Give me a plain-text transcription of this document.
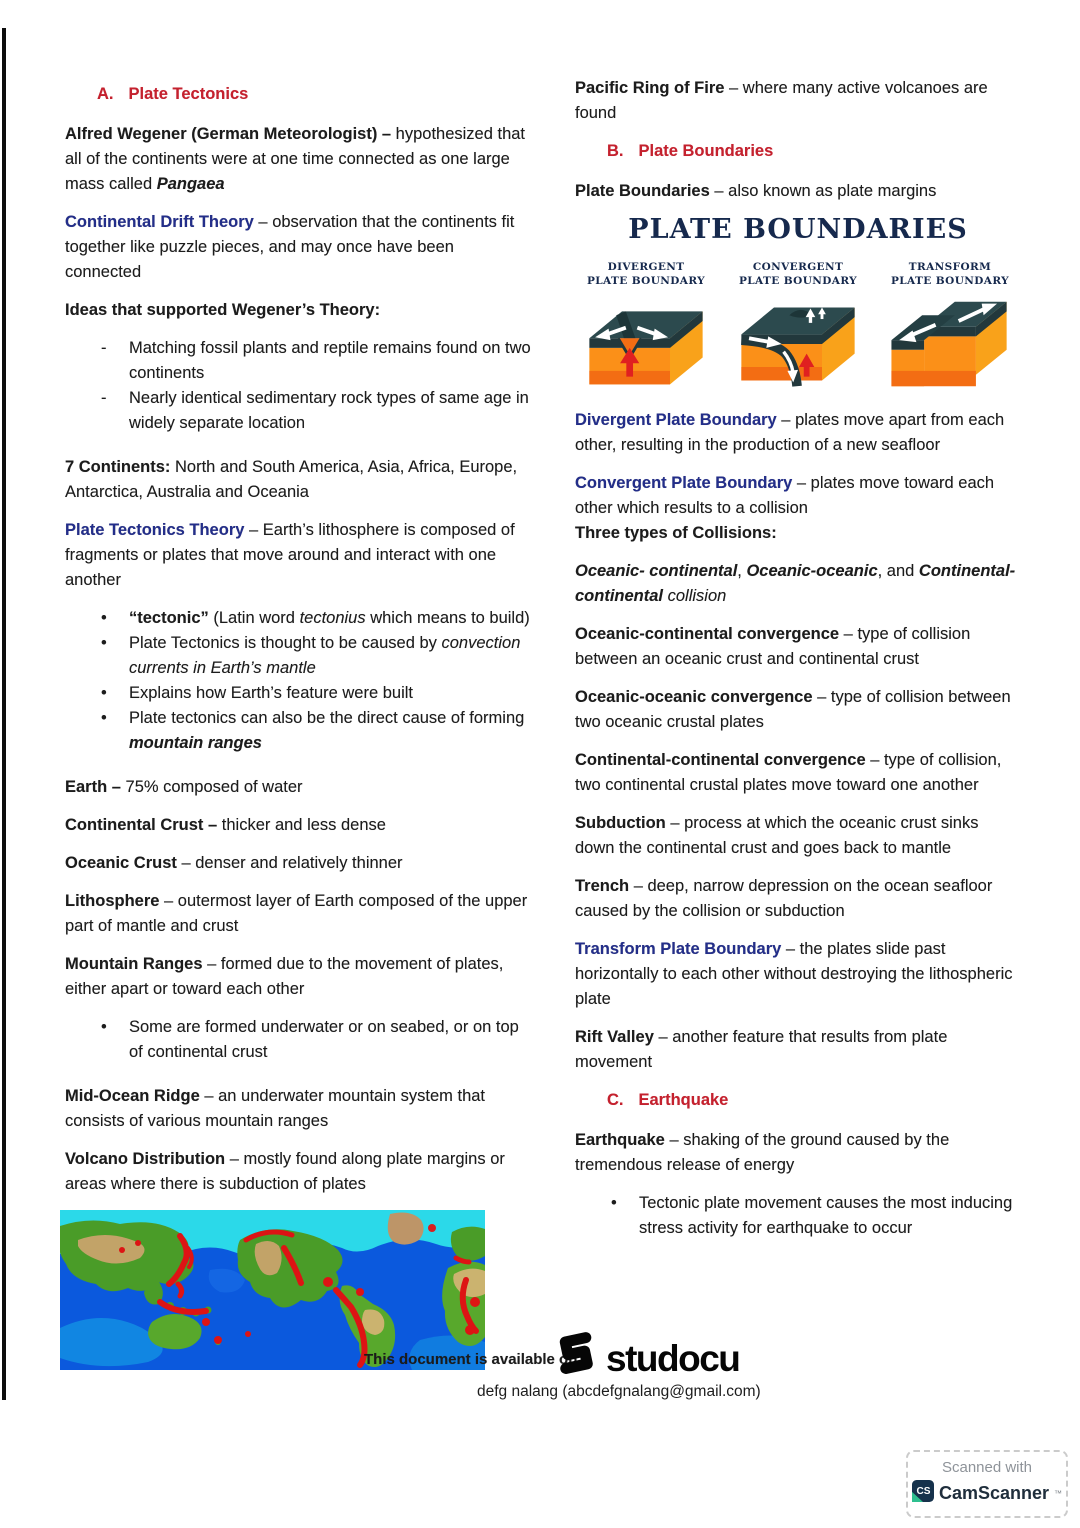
A. Plate Tectonics

Alfred Wegener (German Meteorologist) – hypothesized that all of the continents were at one time connected as one large mass called Pangaea

Continental Drift Theory – observation that the continents fit together like puzzle pieces, and may once have been connected

Ideas that supported Wegener’s Theory:

- Matching fossil plants and reptile remains found on two continents
- Nearly identical sedimentary rock types of same age in widely separate location

7 Continents: North and South America, Asia, Africa, Europe, Antarctica, Australia and Oceania

Plate Tectonics Theory – Earth’s lithosphere is composed of fragments or plates that move around and interact with one another

• “tectonic” (Latin word tectonius which means to build)
• Plate Tectonics is thought to be caused by convection currents in Earth’s mantle
• Explains how Earth’s feature were built
• Plate tectonics can also be the direct cause of forming mountain ranges

Earth – 75% composed of water

Continental Crust – thicker and less dense

Oceanic Crust – denser and relatively thinner

Lithosphere – outermost layer of Earth composed of the upper part of mantle and crust

Mountain Ranges – formed due to the movement of plates, either apart or toward each other

• Some are formed underwater or on seabed, or on top of continental crust

Mid-Ocean Ridge – an underwater mountain system that consists of various mountain ranges

Volcano Distribution – mostly found along plate margins or areas where there is subduction of plates

Pacific Ring of Fire – where many active volcanoes are found

B. Plate Boundaries

Plate Boundaries – also known as plate margins

PLATE BOUNDARIES
DIVERGENT
PLATE BOUNDARY
CONVERGENT
PLATE BOUNDARY
TRANSFORM
PLATE BOUNDARY

Divergent Plate Boundary – plates move apart from each other, resulting in the production of a new seafloor

Convergent Plate Boundary – plates move toward each other which results to a collision
Three types of Collisions:

Oceanic- continental, Oceanic-oceanic, and Continental-continental collision

Oceanic-continental convergence – type of collision between an oceanic crust and continental crust

Oceanic-oceanic convergence – type of collision between two oceanic crustal plates

Continental-continental convergence – type of collision, two continental crustal plates move toward one another

Subduction – process at which the oceanic crust sinks down the continental crust and goes back to mantle

Trench – deep, narrow depression on the ocean seafloor caused by the collision or subduction

Transform Plate Boundary – the plates slide past horizontally to each other without destroying the lithospheric plate

Rift Valley – another feature that results from plate movement

C. Earthquake

Earthquake – shaking of the ground caused by the tremendous release of energy

• Tectonic plate movement causes the most inducing stress activity for earthquake to occur
This document is available on studocu
defg nalang (abcdefgnalang@gmail.com)
Scanned with
CS CamScanner ™
